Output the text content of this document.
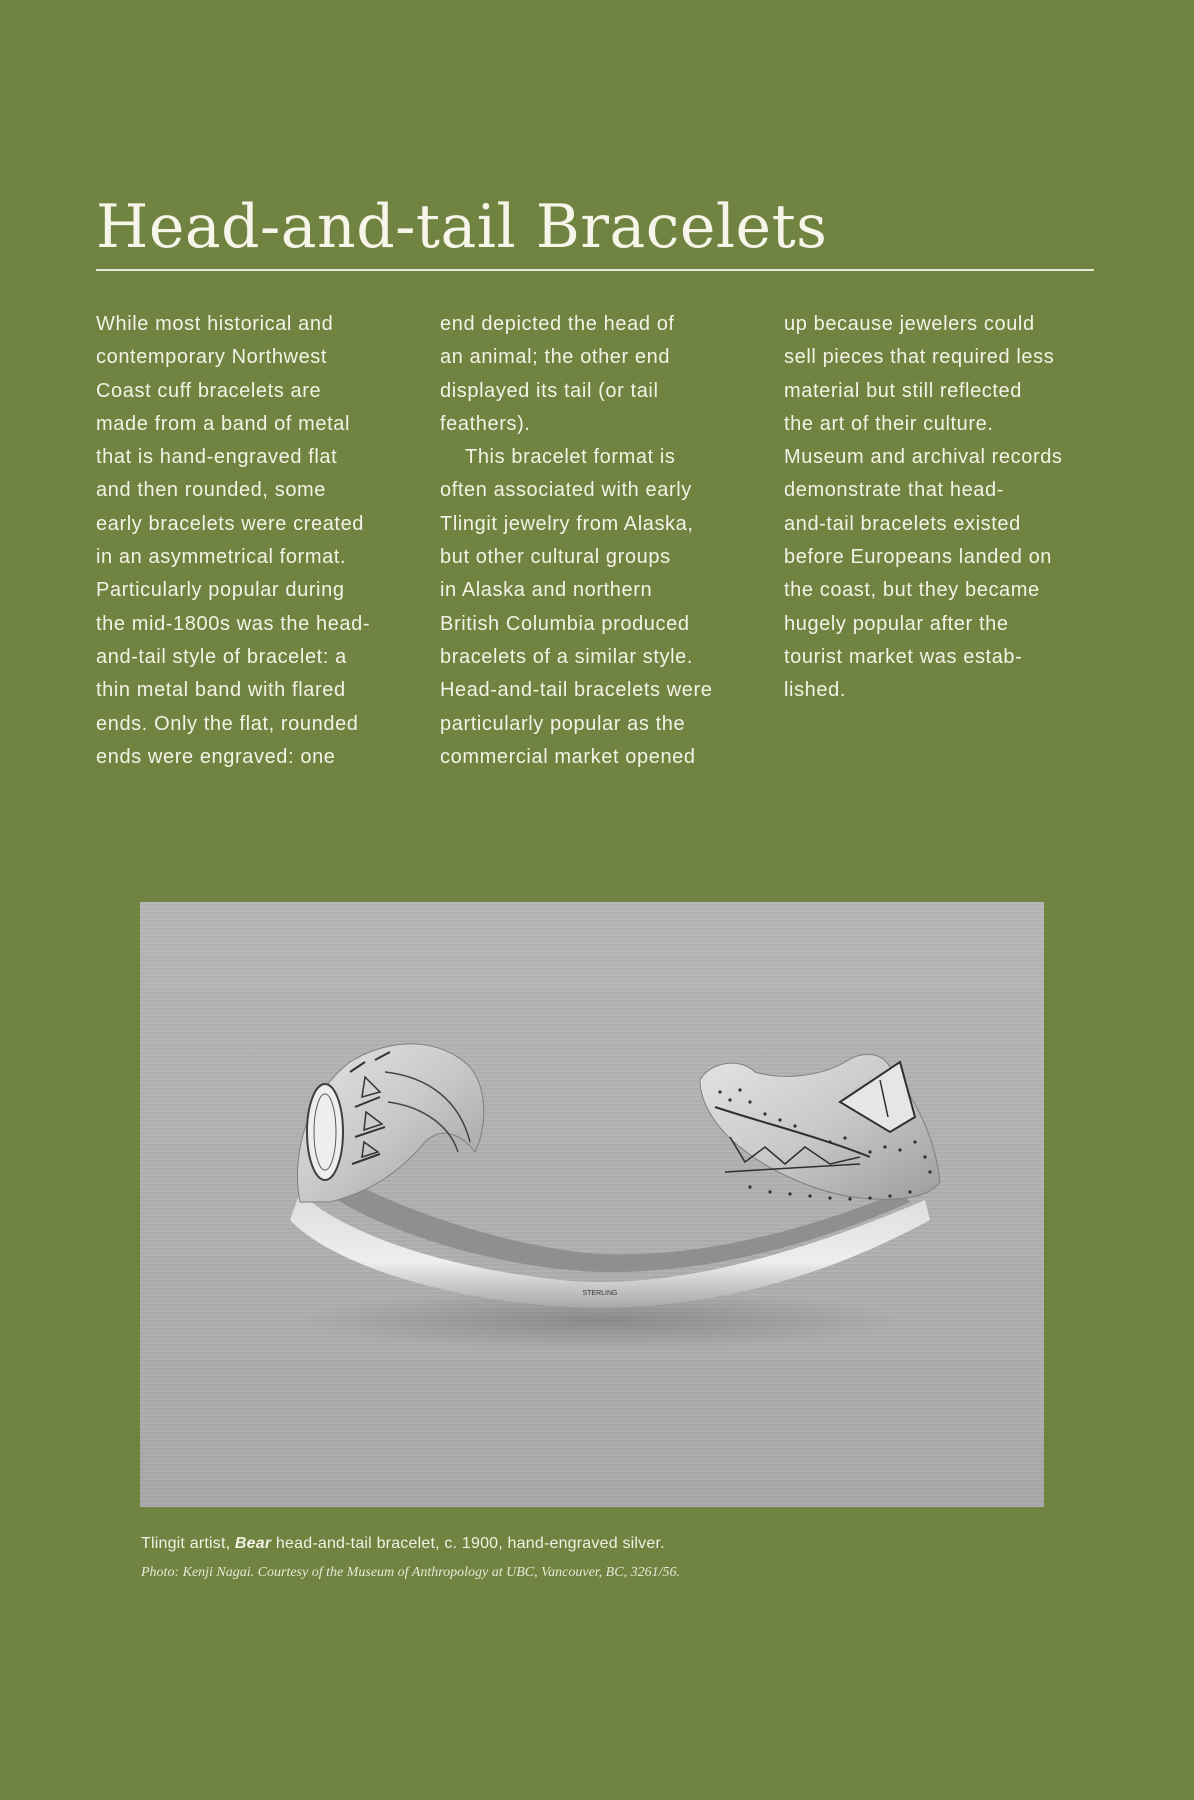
Head-and-tail Bracelets
While most historical and
contemporary Northwest
Coast cuff bracelets are
made from a band of metal
that is hand-engraved flat
and then rounded, some
early bracelets were created
in an asymmetrical format.
Particularly popular during
the mid-1800s was the head-
and-tail style of bracelet: a
thin metal band with flared
ends. Only the flat, rounded
ends were engraved: one
end depicted the head of
an animal; the other end
displayed its tail (or tail
feathers).
This bracelet format is
often associated with early
Tlingit jewelry from Alaska,
but other cultural groups
in Alaska and northern
British Columbia produced
bracelets of a similar style.
Head-and-tail bracelets were
particularly popular as the
commercial market opened
up because jewelers could
sell pieces that required less
material but still reflected
the art of their culture.
Museum and archival records
demonstrate that head-
and-tail bracelets existed
before Europeans landed on
the coast, but they became
hugely popular after the
tourist market was estab-
lished.
STERLING
Tlingit artist, Bear head-and-tail bracelet, c. 1900, hand-engraved silver.
Photo: Kenji Nagai. Courtesy of the Museum of Anthropology at UBC, Vancouver, BC, 3261/56.
